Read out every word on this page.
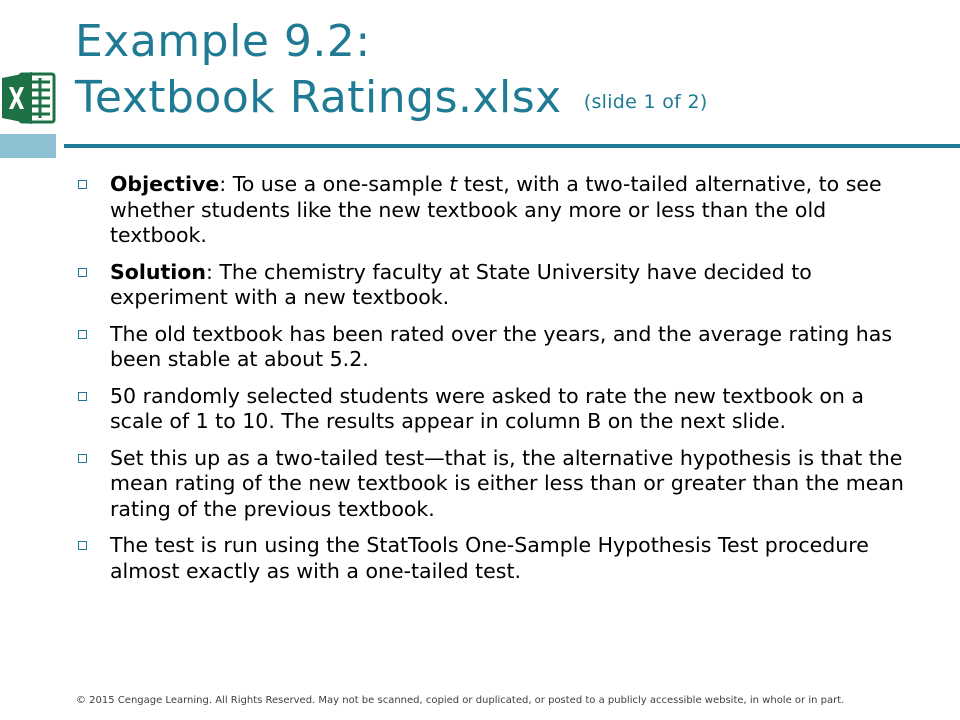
Example 9.2:
Textbook Ratings.xlsx (slide 1 of 2)
Objective: To use a one-sample t test, with a two-tailed alternative, to see whether students like the new textbook any more or less than the old textbook.
Solution: The chemistry faculty at State University have decided to experiment with a new textbook.
The old textbook has been rated over the years, and the average rating has been stable at about 5.2.
50 randomly selected students were asked to rate the new textbook on a scale of 1 to 10. The results appear in column B on the next slide.
Set this up as a two-tailed test—that is, the alternative hypothesis is that the mean rating of the new textbook is either less than or greater than the mean rating of the previous textbook.
The test is run using the StatTools One-Sample Hypothesis Test procedure almost exactly as with a one-tailed test.
© 2015 Cengage Learning. All Rights Reserved. May not be scanned, copied or duplicated, or posted to a publicly accessible website, in whole or in part.
